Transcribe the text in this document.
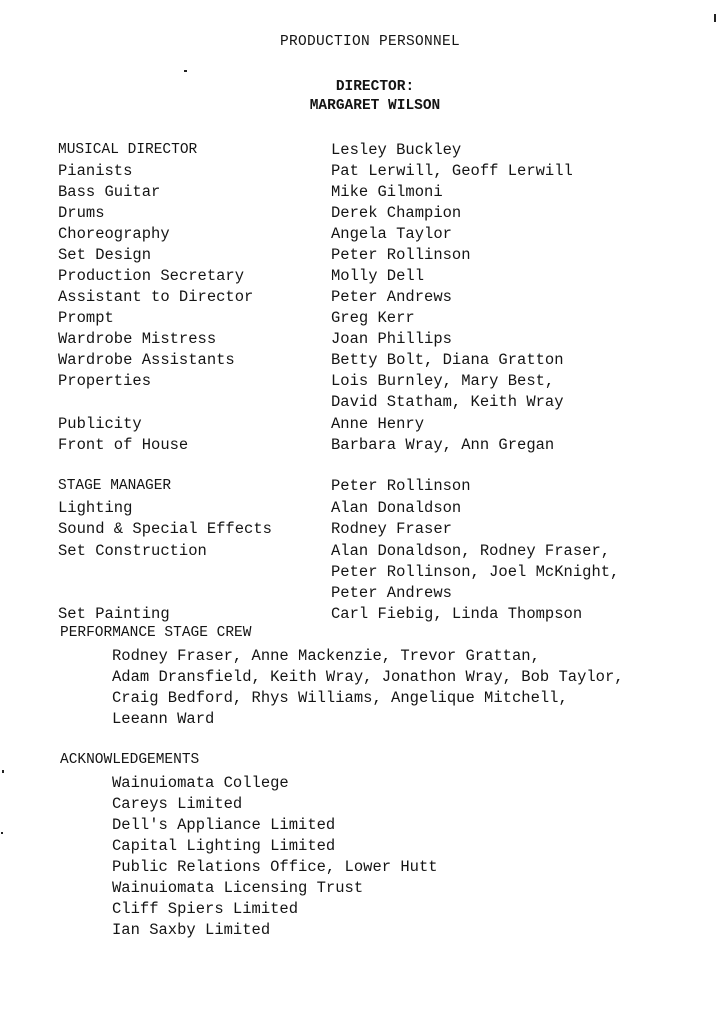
PRODUCTION PERSONNEL
DIRECTOR:
MARGARET WILSON
MUSICAL DIRECTOR	Lesley Buckley
Pianists	Pat Lerwill, Geoff Lerwill
Bass Guitar	Mike Gilmoni
Drums	Derek Champion
Choreography	Angela Taylor
Set Design	Peter Rollinson
Production Secretary	Molly Dell
Assistant to Director	Peter Andrews
Prompt	Greg Kerr
Wardrobe Mistress	Joan Phillips
Wardrobe Assistants	Betty Bolt, Diana Gratton
Properties	Lois Burnley, Mary Best,
David Statham, Keith Wray
Publicity	Anne Henry
Front of House	Barbara Wray, Ann Gregan
STAGE MANAGER	Peter Rollinson
Lighting	Alan Donaldson
Sound & Special Effects	Rodney Fraser
Set Construction	Alan Donaldson, Rodney Fraser,
Peter Rollinson, Joel McKnight,
Peter Andrews
Set Painting	Carl Fiebig, Linda Thompson
PERFORMANCE STAGE CREW
Rodney Fraser, Anne Mackenzie, Trevor Grattan,
Adam Dransfield, Keith Wray, Jonathon Wray, Bob Taylor,
Craig Bedford, Rhys Williams, Angelique Mitchell,
Leeann Ward
ACKNOWLEDGEMENTS
Wainuiomata College
Careys Limited
Dell's Appliance Limited
Capital Lighting Limited
Public Relations Office, Lower Hutt
Wainuiomata Licensing Trust
Cliff Spiers Limited
Ian Saxby Limited
